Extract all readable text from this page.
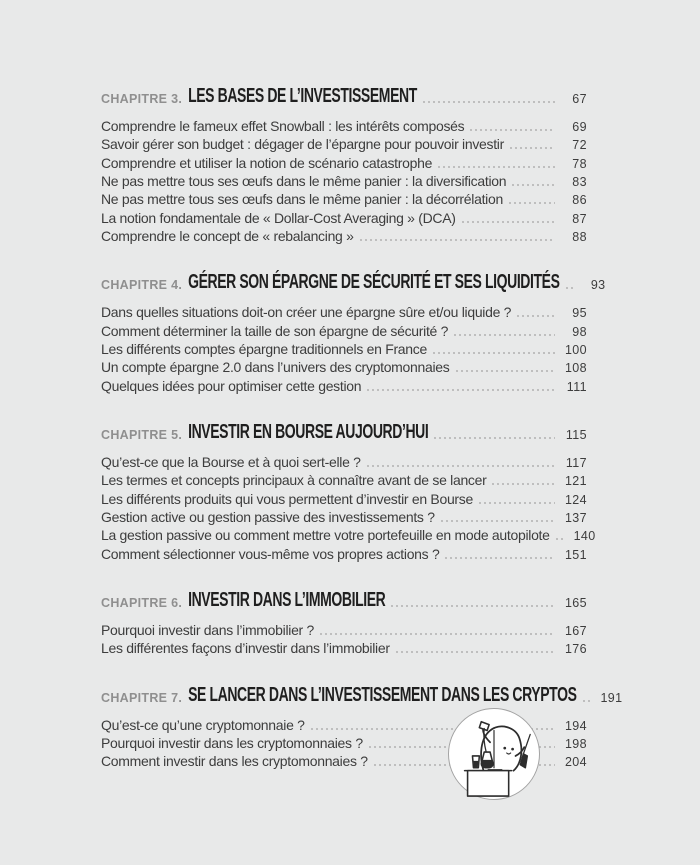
CHAPITRE 3. LES BASES DE L’INVESTISSEMENT	67
Comprendre le fameux effet Snowball : les intérêts composés	69
Savoir gérer son budget : dégager de l’épargne pour pouvoir investir	72
Comprendre et utiliser la notion de scénario catastrophe	78
Ne pas mettre tous ses œufs dans le même panier : la diversification	83
Ne pas mettre tous ses œufs dans le même panier : la décorrélation	86
La notion fondamentale de « Dollar-Cost Averaging » (DCA)	87
Comprendre le concept de « rebalancing »	88
CHAPITRE 4. GÉRER SON ÉPARGNE DE SÉCURITÉ ET SES LIQUIDITÉS	93
Dans quelles situations doit-on créer une épargne sûre et/ou liquide ?	95
Comment déterminer la taille de son épargne de sécurité ?	98
Les différents comptes épargne traditionnels en France	100
Un compte épargne 2.0 dans l’univers des cryptomonnaies	108
Quelques idées pour optimiser cette gestion	111
CHAPITRE 5. INVESTIR EN BOURSE AUJOURD’HUI	115
Qu’est-ce que la Bourse et à quoi sert-elle ?	117
Les termes et concepts principaux à connaître avant de se lancer	121
Les différents produits qui vous permettent d’investir en Bourse	124
Gestion active ou gestion passive des investissements ?	137
La gestion passive ou comment mettre votre portefeuille en mode autopilote	140
Comment sélectionner vous-même vos propres actions ?	151
CHAPITRE 6. INVESTIR DANS L’IMMOBILIER	165
Pourquoi investir dans l’immobilier ?	167
Les différentes façons d’investir dans l’immobilier	176
CHAPITRE 7. SE LANCER DANS L’INVESTISSEMENT DANS LES CRYPTOS	191
Qu’est-ce qu’une cryptomonnaie ?	194
Pourquoi investir dans les cryptomonnaies ?	198
Comment investir dans les cryptomonnaies ?	204
